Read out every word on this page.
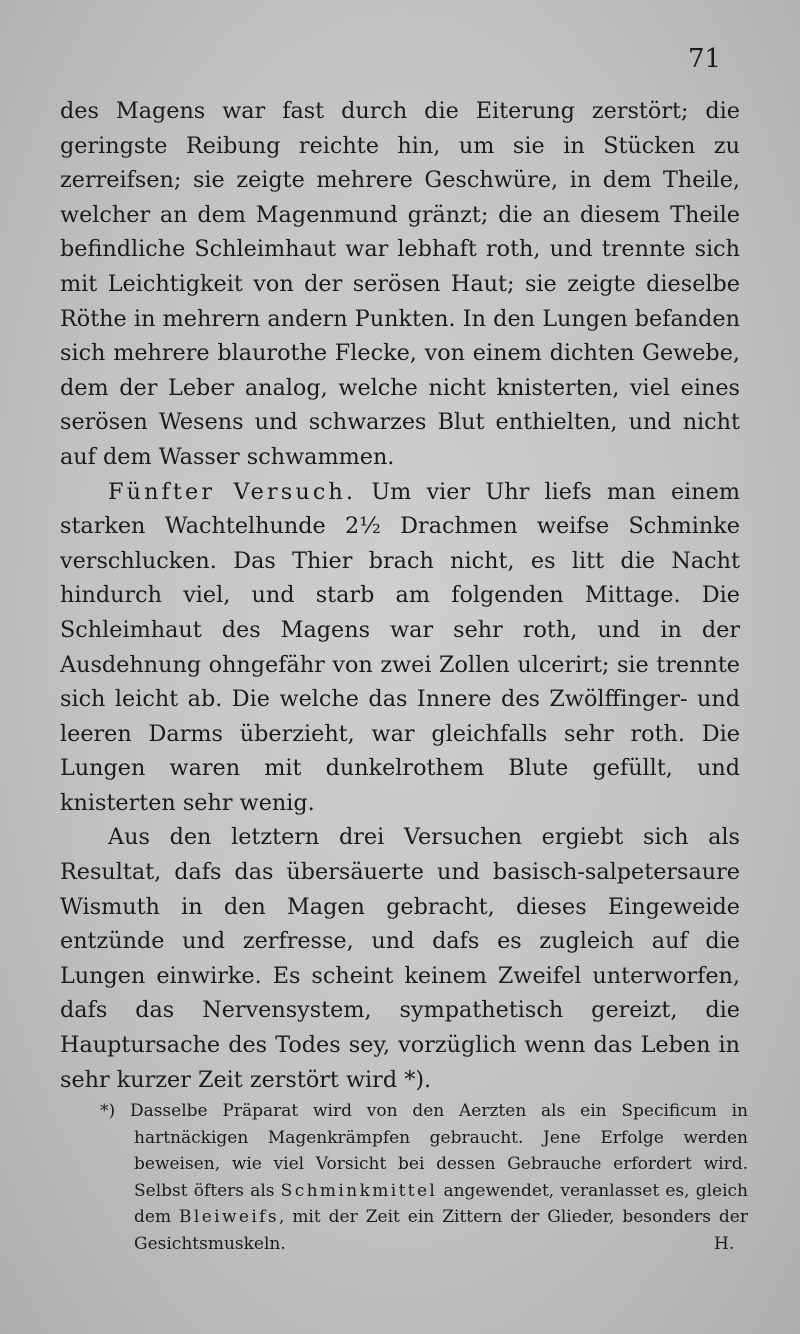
71

des Magens war fast durch die Eiterung zerstört; die geringste Reibung reichte hin, um sie in Stücken zu zerreifsen; sie zeigte mehrere Geschwüre, in dem Theile, welcher an dem Magenmund gränzt; die an diesem Theile befindliche Schleimhaut war lebhaft roth, und trennte sich mit Leichtigkeit von der serösen Haut; sie zeigte dieselbe Röthe in mehrern andern Punkten. In den Lungen befanden sich mehrere blaurothe Flecke, von einem dichten Gewebe, dem der Leber analog, welche nicht knisterten, viel eines serösen Wesens und schwarzes Blut enthielten, und nicht auf dem Wasser schwammen.

Fünfter Versuch. Um vier Uhr liefs man einem starken Wachtelhunde 2½ Drachmen weifse Schminke verschlucken. Das Thier brach nicht, es litt die Nacht hindurch viel, und starb am folgenden Mittage. Die Schleimhaut des Magens war sehr roth, und in der Ausdehnung ohngefähr von zwei Zollen ulcerirt; sie trennte sich leicht ab. Die welche das Innere des Zwölffinger- und leeren Darms überzieht, war gleichfalls sehr roth. Die Lungen waren mit dunkelrothem Blute gefüllt, und knisterten sehr wenig.

Aus den letztern drei Versuchen ergiebt sich als Resultat, dafs das übersäuerte und basisch-salpetersaure Wismuth in den Magen gebracht, dieses Eingeweide entzünde und zerfresse, und dafs es zugleich auf die Lungen einwirke. Es scheint keinem Zweifel unterworfen, dafs das Nervensystem, sympathetisch gereizt, die Hauptursache des Todes sey, vorzüglich wenn das Leben in sehr kurzer Zeit zerstört wird *).

*) Dasselbe Präparat wird von den Aerzten als ein Specificum in hartnäckigen Magenkrämpfen gebraucht. Jene Erfolge werden beweisen, wie viel Vorsicht bei dessen Gebrauche erfordert wird. Selbst öfters als Schminkmittel angewendet, veranlasset es, gleich dem Bleiweifs, mit der Zeit ein Zittern der Glieder, besonders der Gesichtsmuskeln.	H.
